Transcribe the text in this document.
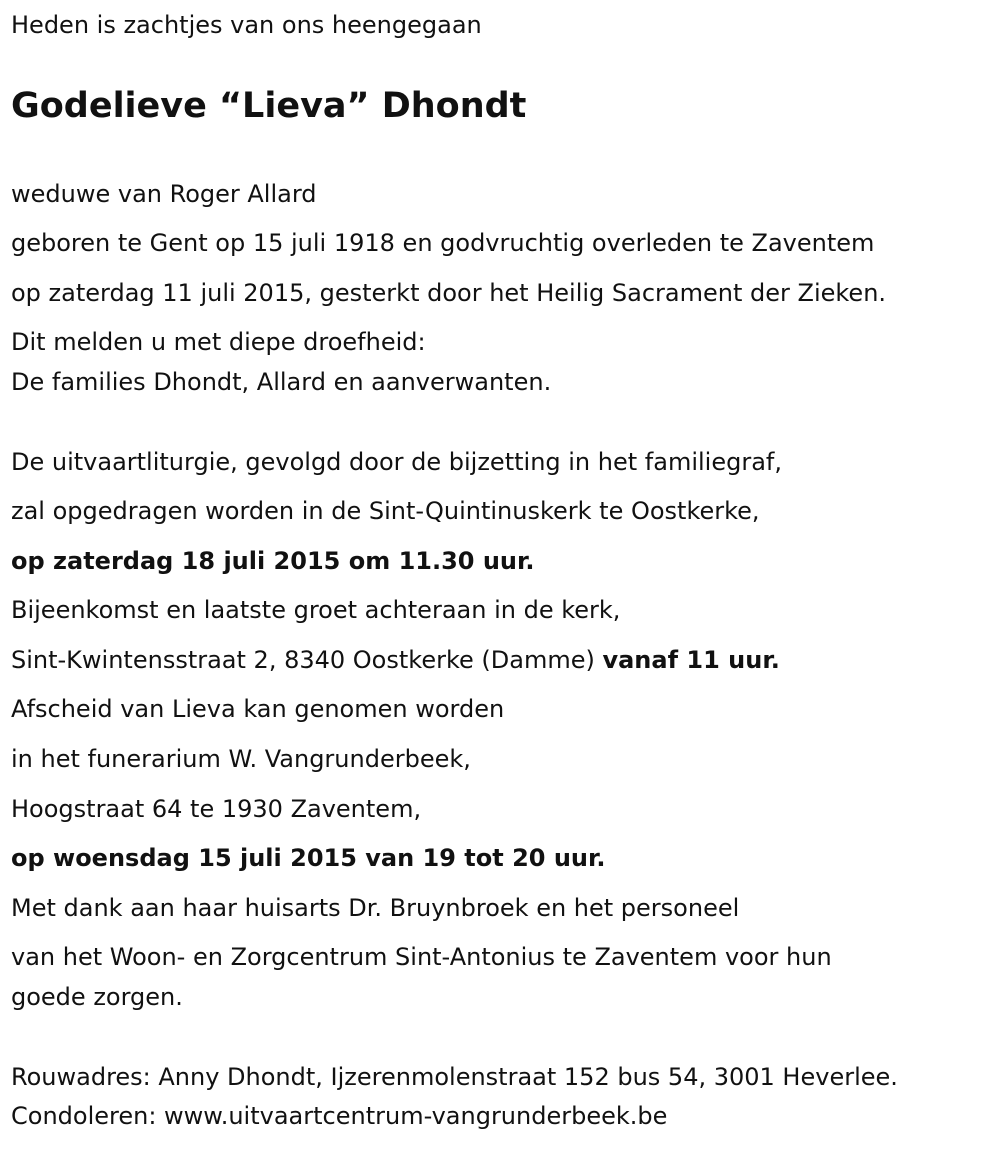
Heden is zachtjes van ons heengegaan
Godelieve “Lieva” Dhondt
weduwe van Roger Allard
geboren te Gent op 15 juli 1918 en godvruchtig overleden te Zaventem
op zaterdag 11 juli 2015, gesterkt door het Heilig Sacrament der Zieken.
Dit melden u met diepe droefheid:
De families Dhondt, Allard en aanverwanten.
De uitvaartliturgie, gevolgd door de bijzetting in het familiegraf,
zal opgedragen worden in de Sint-Quintinuskerk te Oostkerke,
op zaterdag 18 juli 2015 om 11.30 uur.
Bijeenkomst en laatste groet achteraan in de kerk,
Sint-Kwintensstraat 2, 8340 Oostkerke (Damme) vanaf 11 uur.
Afscheid van Lieva kan genomen worden
in het funerarium W. Vangrunderbeek,
Hoogstraat 64 te 1930 Zaventem,
op woensdag 15 juli 2015 van 19 tot 20 uur.
Met dank aan haar huisarts Dr. Bruynbroek en het personeel
van het Woon- en Zorgcentrum Sint-Antonius te Zaventem voor hun
goede zorgen.
Rouwadres: Anny Dhondt, Ijzerenmolenstraat 152 bus 54, 3001 Heverlee.
Condoleren: www.uitvaartcentrum-vangrunderbeek.be
